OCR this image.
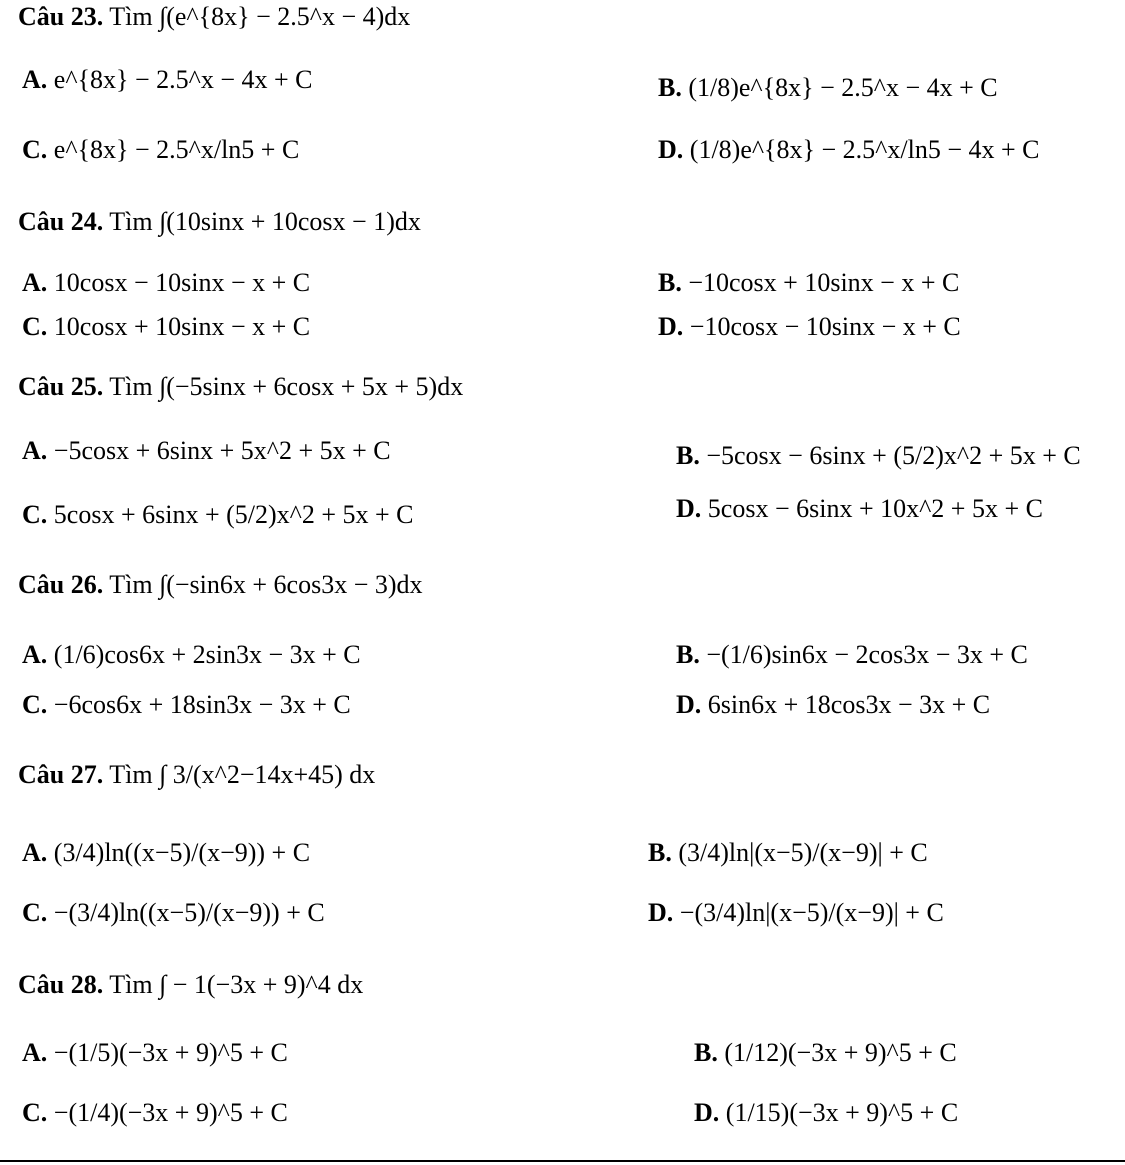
Câu 23. Tìm ∫(e^{8x} − 2.5^x − 4)dx
A. e^{8x} − 2.5^x − 4x + C	B. (1/8)e^{8x} − 2.5^x − 4x + C
C. e^{8x} − 2.5^x/ln5 + C	D. (1/8)e^{8x} − 2.5^x/ln5 − 4x + C
Câu 24. Tìm ∫(10sinx + 10cosx − 1)dx
A. 10cosx − 10sinx − x + C	B. −10cosx + 10sinx − x + C
C. 10cosx + 10sinx − x + C	D. −10cosx − 10sinx − x + C
Câu 25. Tìm ∫(−5sinx + 6cosx + 5x + 5)dx
A. −5cosx + 6sinx + 5x^2 + 5x + C	B. −5cosx − 6sinx + (5/2)x^2 + 5x + C
C. 5cosx + 6sinx + (5/2)x^2 + 5x + C	D. 5cosx − 6sinx + 10x^2 + 5x + C
Câu 26. Tìm ∫(−sin6x + 6cos3x − 3)dx
A. (1/6)cos6x + 2sin3x − 3x + C	B. −(1/6)sin6x − 2cos3x − 3x + C
C. −6cos6x + 18sin3x − 3x + C	D. 6sin6x + 18cos3x − 3x + C
Câu 27. Tìm ∫ 3/(x^2−14x+45) dx
A. (3/4)ln((x−5)/(x−9)) + C	B. (3/4)ln|(x−5)/(x−9)| + C
C. −(3/4)ln((x−5)/(x−9)) + C	D. −(3/4)ln|(x−5)/(x−9)| + C
Câu 28. Tìm ∫ − 1(−3x + 9)^4 dx
A. −(1/5)(−3x + 9)^5 + C	B. (1/12)(−3x + 9)^5 + C
C. −(1/4)(−3x + 9)^5 + C	D. (1/15)(−3x + 9)^5 + C
